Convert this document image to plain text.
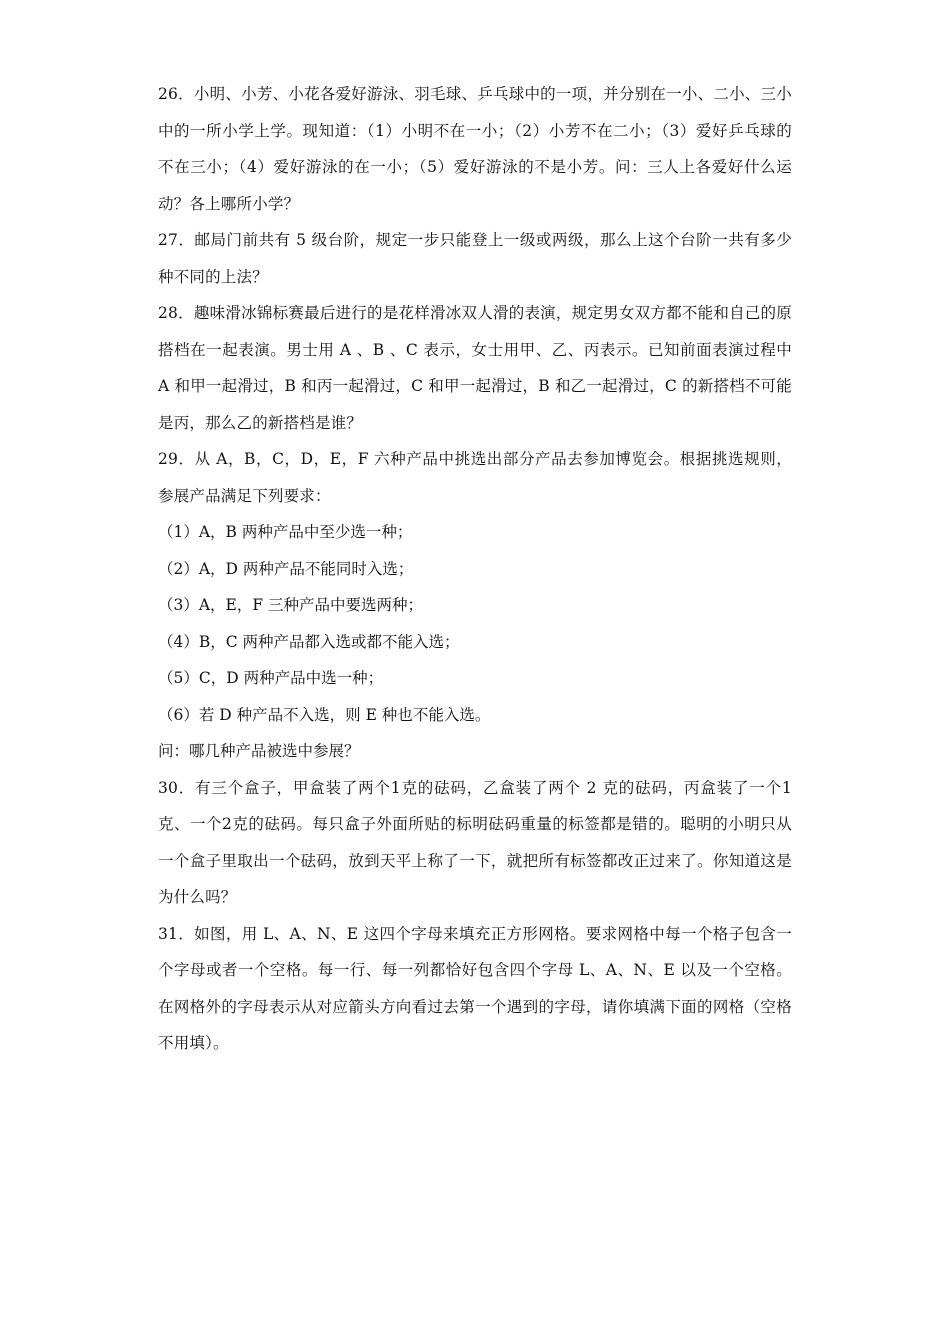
26．小明、小芳、小花各爱好游泳、羽毛球、乒乓球中的一项，并分别在一小、二小、三小中的一所小学上学。现知道：（1）小明不在一小；（2）小芳不在二小；（3）爱好乒乓球的不在三小；（4）爱好游泳的在一小；（5）爱好游泳的不是小芳。问：三人上各爱好什么运动？各上哪所小学？

27．邮局门前共有 5 级台阶，规定一步只能登上一级或两级，那么上这个台阶一共有多少种不同的上法？

28．趣味滑冰锦标赛最后进行的是花样滑冰双人滑的表演，规定男女双方都不能和自己的原搭档在一起表演。男士用 A 、B 、C 表示，女士用甲、乙、丙表示。已知前面表演过程中 A 和甲一起滑过，B 和丙一起滑过，C 和甲一起滑过，B 和乙一起滑过，C 的新搭档不可能是丙，那么乙的新搭档是谁？

29．从 A，B，C，D，E，F 六种产品中挑选出部分产品去参加博览会。根据挑选规则，参展产品满足下列要求：

（1）A，B 两种产品中至少选一种；

（2）A，D 两种产品不能同时入选；

（3）A，E，F 三种产品中要选两种；

（4）B，C 两种产品都入选或都不能入选；

（5）C，D 两种产品中选一种；

（6）若 D 种产品不入选，则 E 种也不能入选。

问：哪几种产品被选中参展？

30．有三个盒子，甲盒装了两个1克的砝码，乙盒装了两个 2 克的砝码，丙盒装了一个1克、一个2克的砝码。每只盒子外面所贴的标明砝码重量的标签都是错的。聪明的小明只从一个盒子里取出一个砝码，放到天平上称了一下，就把所有标签都改正过来了。你知道这是为什么吗？

31．如图，用 L、A、N、E 这四个字母来填充正方形网格。要求网格中每一个格子包含一个字母或者一个空格。每一行、每一列都恰好包含四个字母 L、A、N、E 以及一个空格。在网格外的字母表示从对应箭头方向看过去第一个遇到的字母，请你填满下面的网格（空格不用填）。
